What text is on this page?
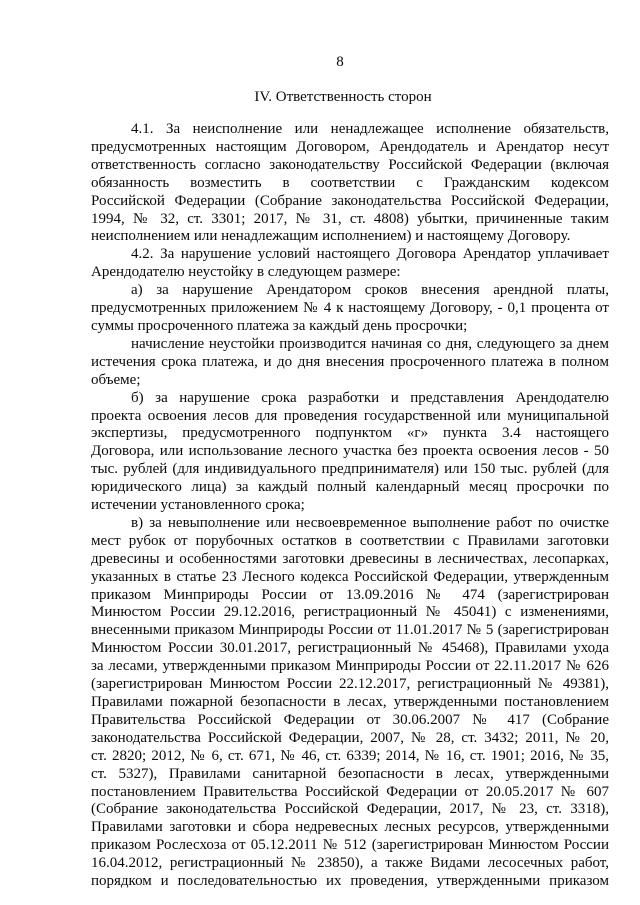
8
IV. Ответственность сторон
4.1. За неисполнение или ненадлежащее исполнение обязательств,
предусмотренных настоящим Договором, Арендодатель и Арендатор несут
ответственность согласно законодательству Российской Федерации (включая
обязанность возместить в соответствии с Гражданским кодексом
Российской Федерации (Собрание законодательства Российской Федерации,
1994, № 32, ст. 3301; 2017, № 31, ст. 4808) убытки, причиненные таким
неисполнением или ненадлежащим исполнением) и настоящему Договору.
4.2. За нарушение условий настоящего Договора Арендатор уплачивает
Арендодателю неустойку в следующем размере:
а) за нарушение Арендатором сроков внесения арендной платы,
предусмотренных приложением № 4 к настоящему Договору, - 0,1 процента от
суммы просроченного платежа за каждый день просрочки;
начисление неустойки производится начиная со дня, следующего за днем
истечения срока платежа, и до дня внесения просроченного платежа в полном
объеме;
б) за нарушение срока разработки и представления Арендодателю
проекта освоения лесов для проведения государственной или муниципальной
экспертизы, предусмотренного подпунктом «г» пункта 3.4 настоящего
Договора, или использование лесного участка без проекта освоения лесов - 50
тыс. рублей (для индивидуального предпринимателя) или 150 тыс. рублей (для
юридического лица) за каждый полный календарный месяц просрочки по
истечении установленного срока;
в) за невыполнение или несвоевременное выполнение работ по очистке
мест рубок от порубочных остатков в соответствии с Правилами заготовки
древесины и особенностями заготовки древесины в лесничествах, лесопарках,
указанных в статье 23 Лесного кодекса Российской Федерации, утвержденным
приказом Минприроды России от 13.09.2016 № 474 (зарегистрирован
Минюстом России 29.12.2016, регистрационный № 45041) с изменениями,
внесенными приказом Минприроды России от 11.01.2017 № 5 (зарегистрирован
Минюстом России 30.01.2017, регистрационный № 45468), Правилами ухода
за лесами, утвержденными приказом Минприроды России от 22.11.2017 № 626
(зарегистрирован Минюстом России 22.12.2017, регистрационный № 49381),
Правилами пожарной безопасности в лесах, утвержденными постановлением
Правительства Российской Федерации от 30.06.2007 № 417 (Собрание
законодательства Российской Федерации, 2007, № 28, ст. 3432; 2011, № 20,
ст. 2820; 2012, № 6, ст. 671, № 46, ст. 6339; 2014, № 16, ст. 1901; 2016, № 35,
ст. 5327), Правилами санитарной безопасности в лесах, утвержденными
постановлением Правительства Российской Федерации от 20.05.2017 № 607
(Собрание законодательства Российской Федерации, 2017, № 23, ст. 3318),
Правилами заготовки и сбора недревесных лесных ресурсов, утвержденными
приказом Рослесхоза от 05.12.2011 № 512 (зарегистрирован Минюстом России
16.04.2012, регистрационный № 23850), а также Видами лесосечных работ,
порядком и последовательностью их проведения, утвержденными приказом
